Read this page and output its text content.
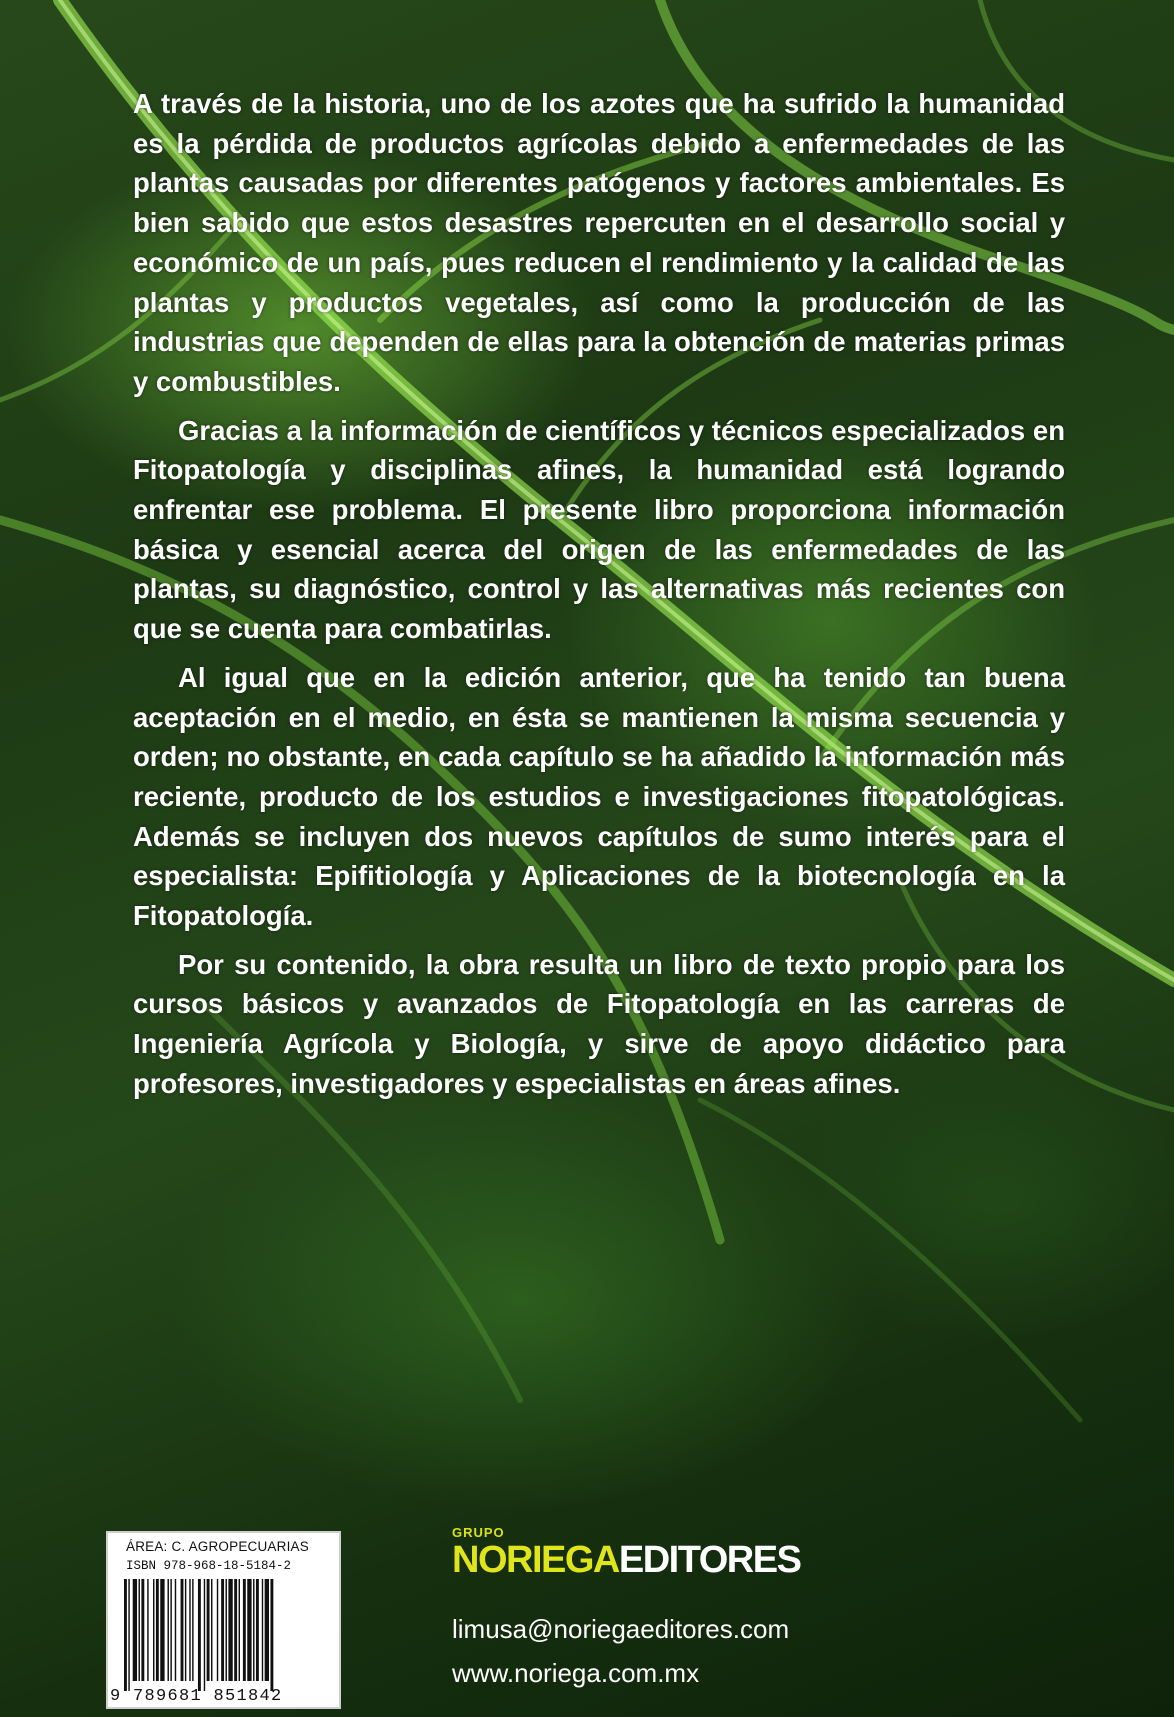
A través de la historia, uno de los azotes que ha sufrido la humanidad es la pérdida de productos agrícolas debido a enfermedades de las plantas causadas por diferentes patógenos y factores ambientales. Es bien sabido que estos desastres repercuten en el desarrollo social y económico de un país, pues reducen el rendimiento y la calidad de las plantas y productos vegetales, así como la producción de las industrias que dependen de ellas para la obtención de materias primas y combustibles.

Gracias a la información de científicos y técnicos especializados en Fitopatología y disciplinas afines, la humanidad está logrando enfrentar ese problema. El presente libro proporciona información básica y esencial acerca del origen de las enfermedades de las plantas, su diagnóstico, control y las alternativas más recientes con que se cuenta para combatirlas.

Al igual que en la edición anterior, que ha tenido tan buena aceptación en el medio, en ésta se mantienen la misma secuencia y orden; no obstante, en cada capítulo se ha añadido la información más reciente, producto de los estudios e investigaciones fitopatológicas. Además se incluyen dos nuevos capítulos de sumo interés para el especialista: Epifitiología y Aplicaciones de la biotecnología en la Fitopatología.

Por su contenido, la obra resulta un libro de texto propio para los cursos básicos y avanzados de Fitopatología en las carreras de Ingeniería Agrícola y Biología, y sirve de apoyo didáctico para profesores, investigadores y especialistas en áreas afines.

ÁREA: C. AGROPECUARIAS
ISBN 978-968-18-5184-2
9 789681 851842
GRUPO
NORIEGAEDITORES
limusa@noriegaeditores.com
www.noriega.com.mx
